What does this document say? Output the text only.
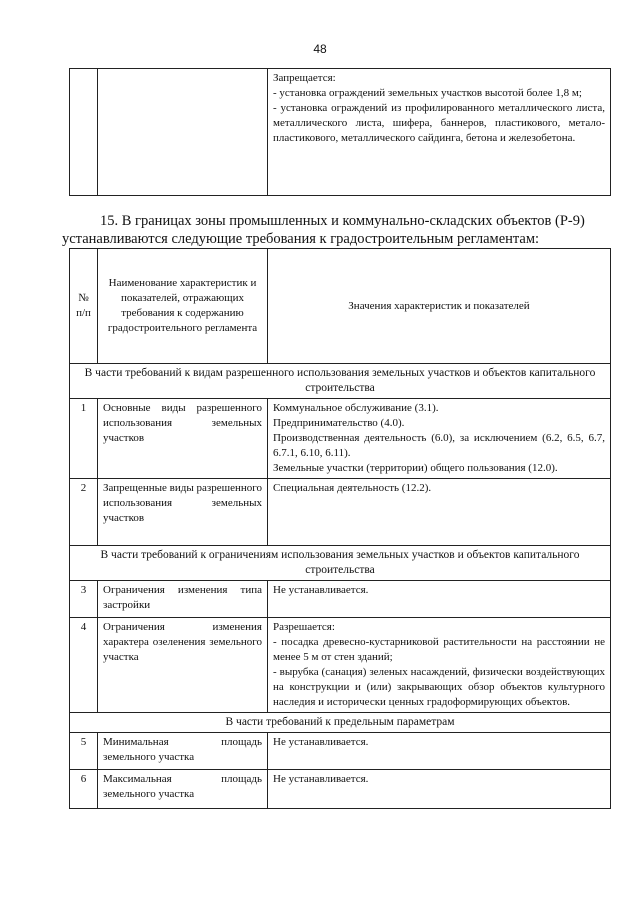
48

Запрещается:
- установка ограждений земельных участков высотой более 1,8 м;
- установка ограждений из профилированного металлического листа, металлического листа, шифера, баннеров, пластикового, метало-пластикового, металлического сайдинга, бетона и железобетона.
15. В границах зоны промышленных и коммунально-складских объектов (Р-9) устанавливаются следующие требования к градостроительным регламентам:
№ п/п	Наименование характеристик и показателей, отражающих требования к содержанию градостроительного регламента	Значения характеристик и показателей
В части требований к видам разрешенного использования земельных участков и объектов капитального строительства		
1	Основные виды разрешенного использования земельных участков	Коммунальное обслуживание (3.1).
Предпринимательство (4.0).
Производственная деятельность (6.0), за исключением (6.2, 6.5, 6.7, 6.7.1, 6.10, 6.11).
Земельные участки (территории) общего пользования (12.0).

2	Запрещенные виды разрешенного использования земельных участков	Специальная деятельность (12.2).
В части требований к ограничениям использования земельных участков и объектов капитального строительства		
3	Ограничения изменения типа застройки	Не устанавливается.
4	Ограничения изменения характера озеленения земельного участка	Разрешается:
- посадка древесно-кустарниковой растительности на расстоянии не менее 5 м от стен зданий;
- вырубка (санация) зеленых насаждений, физически воздействующих на конструкции и (или) закрывающих обзор объектов культурного наследия и исторически ценных градоформирующих объектов.

В части требований к предельным параметрам		
5	Минимальная площадь земельного участка	Не устанавливается.
6	Максимальная площадь земельного участка	Не устанавливается.
